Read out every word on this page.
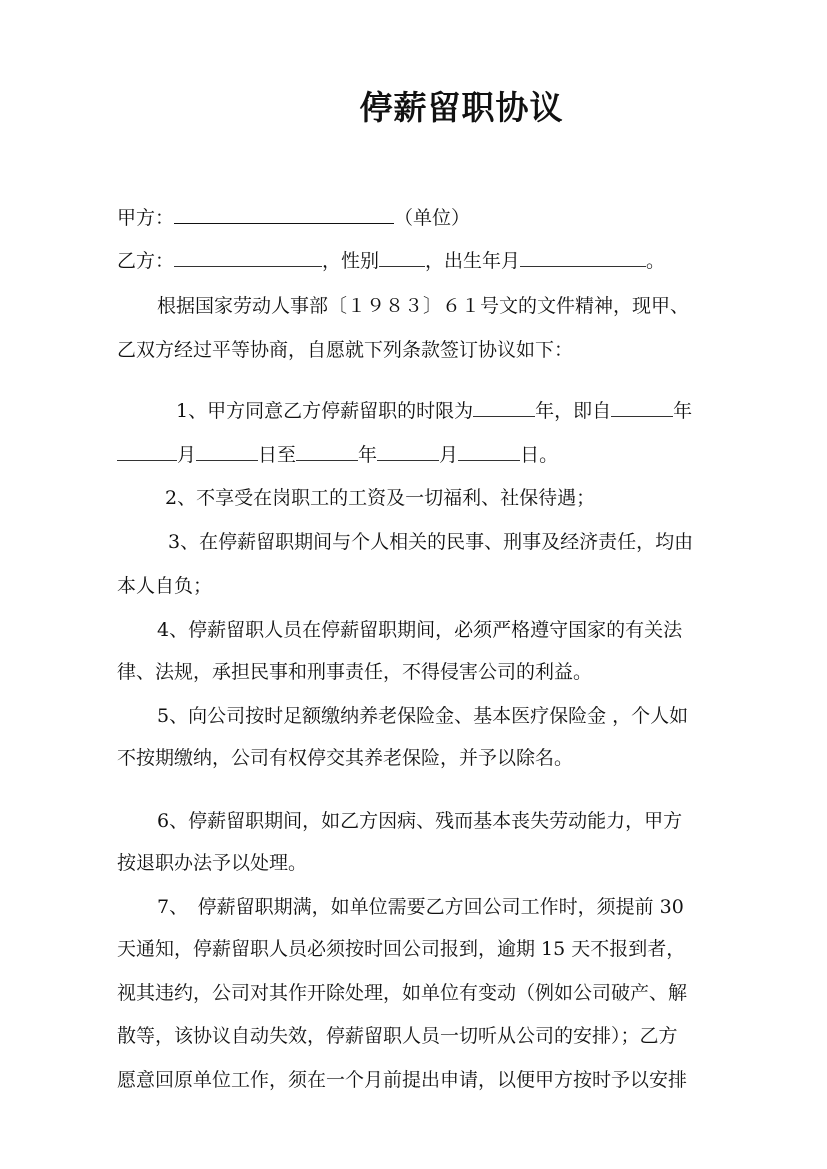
停薪留职协议
甲方：	（单位）
乙方：	，性别 ，出生年月	。
根据国家劳动人事部〔１９８３〕６１号文的文件精神，现甲、
乙双方经过平等协商，自愿就下列条款签订协议如下：
1、甲方同意乙方停薪留职的时限为	年，即自	年
月	日至	年	月	日。
2、不享受在岗职工的工资及一切福利、社保待遇；
3、在停薪留职期间与个人相关的民事、刑事及经济责任，均由
本人自负；
4、停薪留职人员在停薪留职期间，必须严格遵守国家的有关法
律、法规，承担民事和刑事责任，不得侵害公司的利益。
5、向公司按时足额缴纳养老保险金、基本医疗保险金 ，个人如
不按期缴纳，公司有权停交其养老保险，并予以除名。
6、停薪留职期间，如乙方因病、残而基本丧失劳动能力，甲方
按退职办法予以处理。
7、　停薪留职期满，如单位需要乙方回公司工作时，须提前 30
天通知，停薪留职人员必须按时回公司报到，逾期 15 天不报到者，
视其违约，公司对其作开除处理，如单位有变动（例如公司破产、解
散等，该协议自动失效，停薪留职人员一切听从公司的安排）；乙方
愿意回原单位工作，须在一个月前提出申请，以便甲方按时予以安排
